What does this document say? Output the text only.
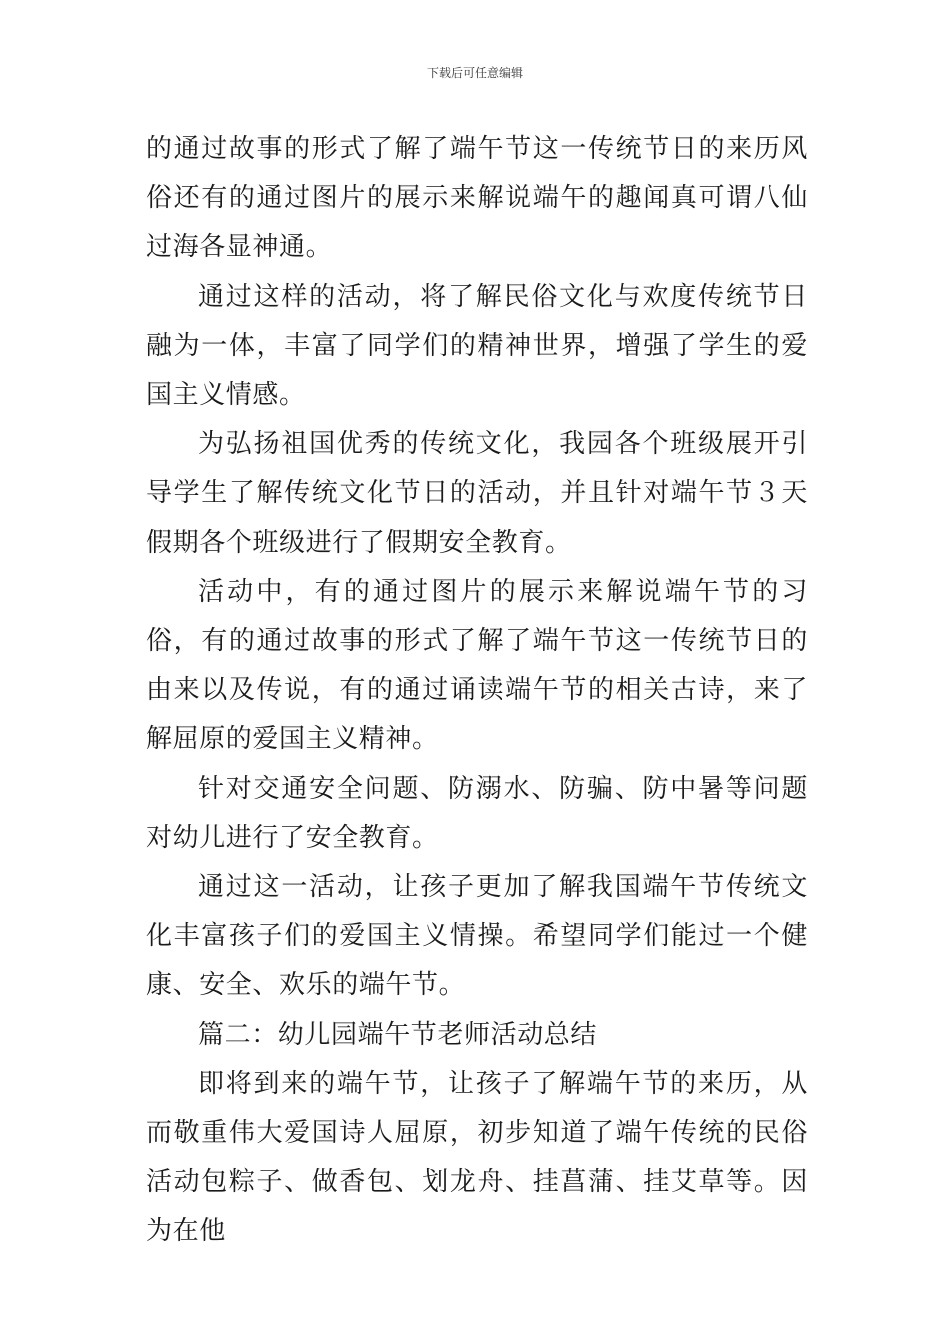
下载后可任意编辑

的通过故事的形式了解了端午节这一传统节日的来历风俗还有的通过图片的展示来解说端午的趣闻真可谓八仙过海各显神通。

通过这样的活动，将了解民俗文化与欢度传统节日融为一体，丰富了同学们的精神世界，增强了学生的爱国主义情感。

为弘扬祖国优秀的传统文化，我园各个班级展开引导学生了解传统文化节日的活动，并且针对端午节３天假期各个班级进行了假期安全教育。

活动中，有的通过图片的展示来解说端午节的习俗，有的通过故事的形式了解了端午节这一传统节日的由来以及传说，有的通过诵读端午节的相关古诗，来了解屈原的爱国主义精神。

针对交通安全问题、防溺水、防骗、防中暑等问题对幼儿进行了安全教育。

通过这一活动，让孩子更加了解我国端午节传统文化丰富孩子们的爱国主义情操。希望同学们能过一个健康、安全、欢乐的端午节。

篇二：幼儿园端午节老师活动总结

即将到来的端午节，让孩子了解端午节的来历，从而敬重伟大爱国诗人屈原，初步知道了端午传统的民俗活动包粽子、做香包、划龙舟、挂菖蒲、挂艾草等。因为在他
